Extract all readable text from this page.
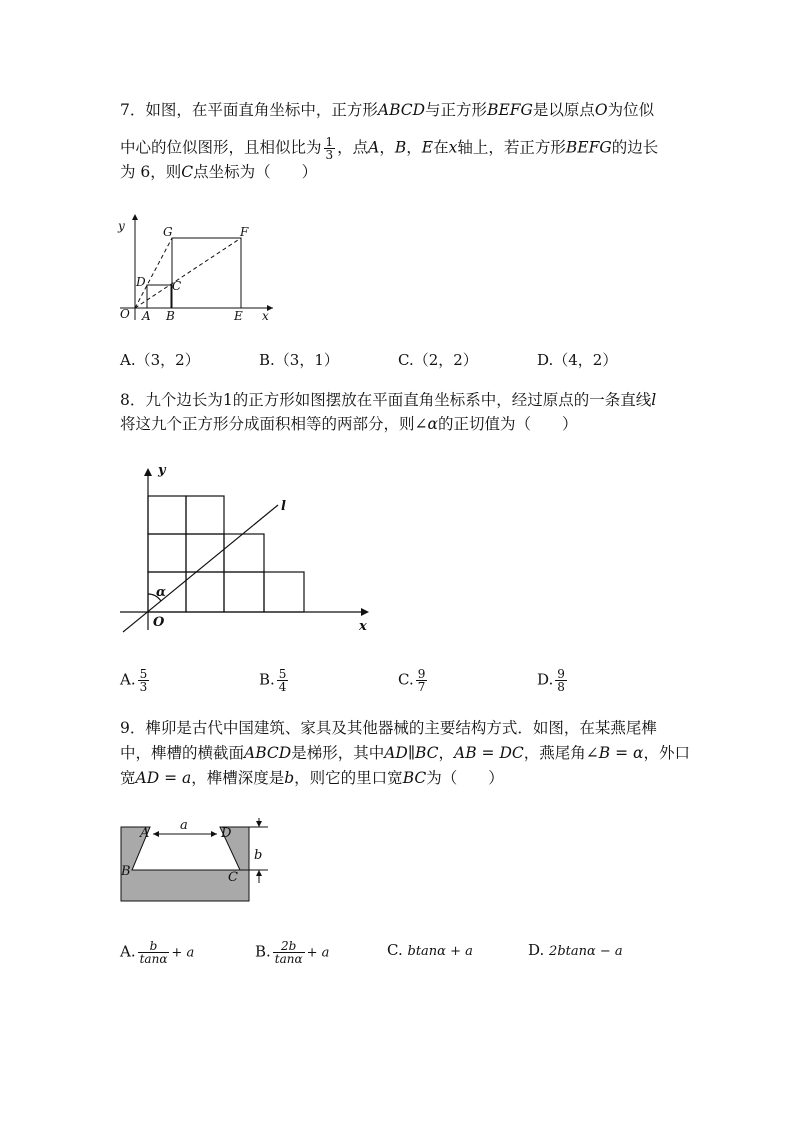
7．如图，在平面直角坐标中，正方形ABCD与正方形BEFG是以原点O为位似
中心的位似图形，且相似比为 $\frac{1}{3}$ ，点A，B，E在x轴上，若正方形BEFG的边长
为 6，则C点坐标为（　　）
y
x
O A B	E
G	F
D C
A.（3，2）	B.（3，1）	C.（2，2）	D.（4，2）
8．九个边长为1的正方形如图摆放在平面直角坐标系中，经过原点的一条直线l
将这九个正方形分成面积相等的两部分，则∠α的正切值为（　　）
y
x
O
l
α
A. $\frac{5}{3}$	B. $\frac{5}{4}$	C. $\frac{9}{7}$	D. $\frac{9}{8}$
9．榫卯是古代中国建筑、家具及其他器械的主要结构方式．如图，在某燕尾榫
中，榫槽的横截面ABCD是梯形，其中AD∥BC，AB = DC，燕尾角∠B = α，外口
宽AD = a，榫槽深度是b，则它的里口宽BC为（　　）
A	D
B	C
a
b
A. $\frac{b}{\tan\alpha} + a$	B. $\frac{2b}{\tan\alpha} + a$	C. btanα + a	D. 2btanα − a
